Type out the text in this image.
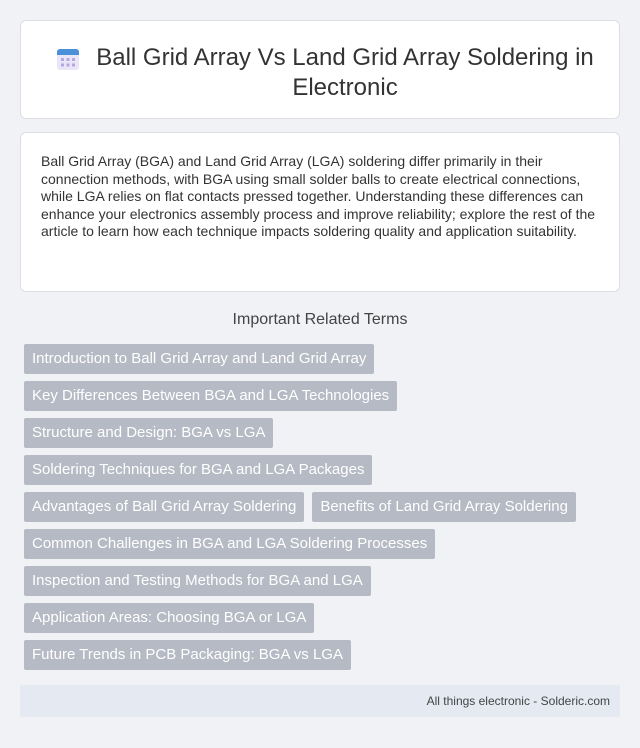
Ball Grid Array Vs Land Grid Array Soldering in Electronic

Ball Grid Array (BGA) and Land Grid Array (LGA) soldering differ primarily in their connection methods, with BGA using small solder balls to create electrical connections, while LGA relies on flat contacts pressed together. Understanding these differences can enhance your electronics assembly process and improve reliability; explore the rest of the article to learn how each technique impacts soldering quality and application suitability.

Important Related Terms
Introduction to Ball Grid Array and Land Grid Array
Key Differences Between BGA and LGA Technologies
Structure and Design: BGA vs LGA
Soldering Techniques for BGA and LGA Packages
Advantages of Ball Grid Array Soldering	Benefits of Land Grid Array Soldering
Common Challenges in BGA and LGA Soldering Processes
Inspection and Testing Methods for BGA and LGA
Application Areas: Choosing BGA or LGA
Future Trends in PCB Packaging: BGA vs LGA
All things electronic - Solderic.com
